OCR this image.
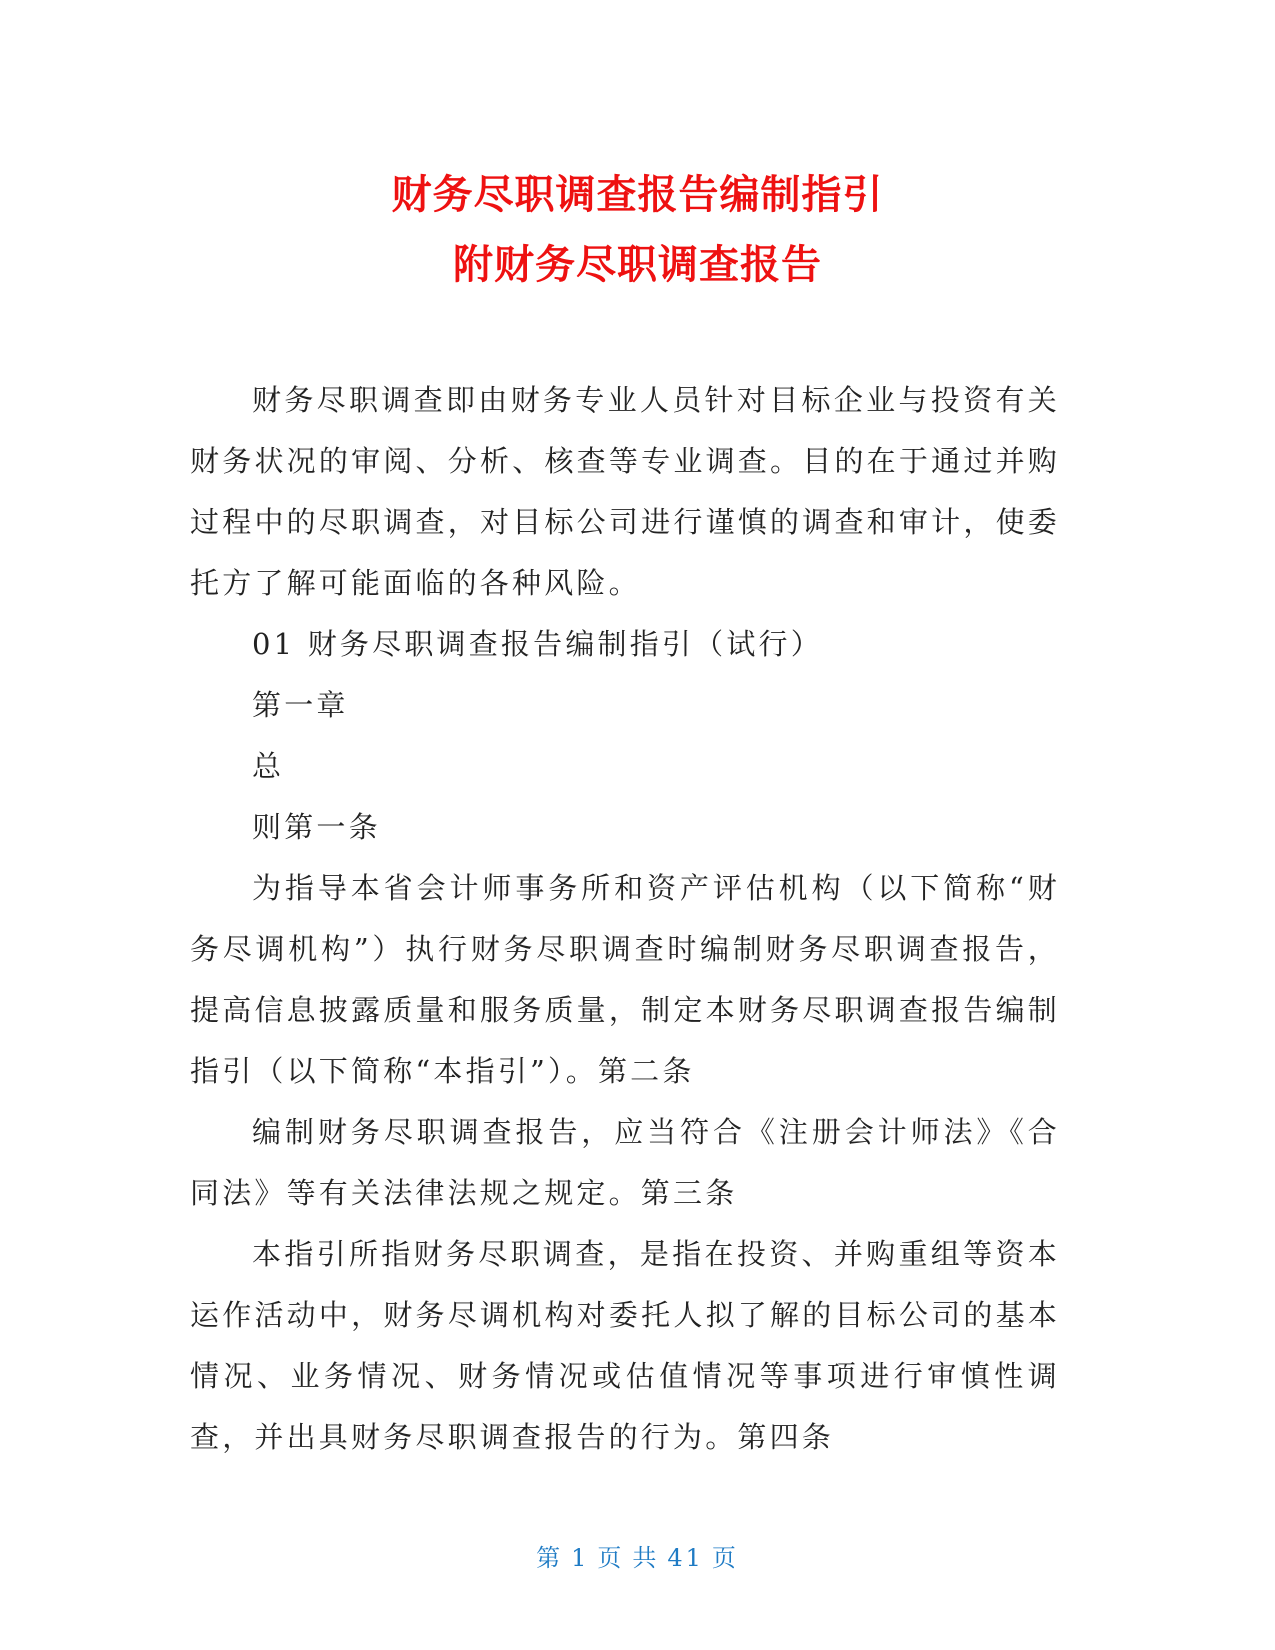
财务尽职调查报告编制指引
附财务尽职调查报告

财务尽职调查即由财务专业人员针对目标企业与投资有关财务状况的审阅、分析、核查等专业调查。目的在于通过并购过程中的尽职调查，对目标公司进行谨慎的调查和审计，使委托方了解可能面临的各种风险。

01 财务尽职调查报告编制指引（试行）

第一章

总

则第一条

为指导本省会计师事务所和资产评估机构（以下简称“财务尽调机构”）执行财务尽职调查时编制财务尽职调查报告，提高信息披露质量和服务质量，制定本财务尽职调查报告编制指引（以下简称“本指引”）。第二条

编制财务尽职调查报告，应当符合《注册会计师法》《合同法》等有关法律法规之规定。第三条

本指引所指财务尽职调查，是指在投资、并购重组等资本运作活动中，财务尽调机构对委托人拟了解的目标公司的基本情况、业务情况、财务情况或估值情况等事项进行审慎性调查，并出具财务尽职调查报告的行为。第四条

第 1 页 共 41 页
